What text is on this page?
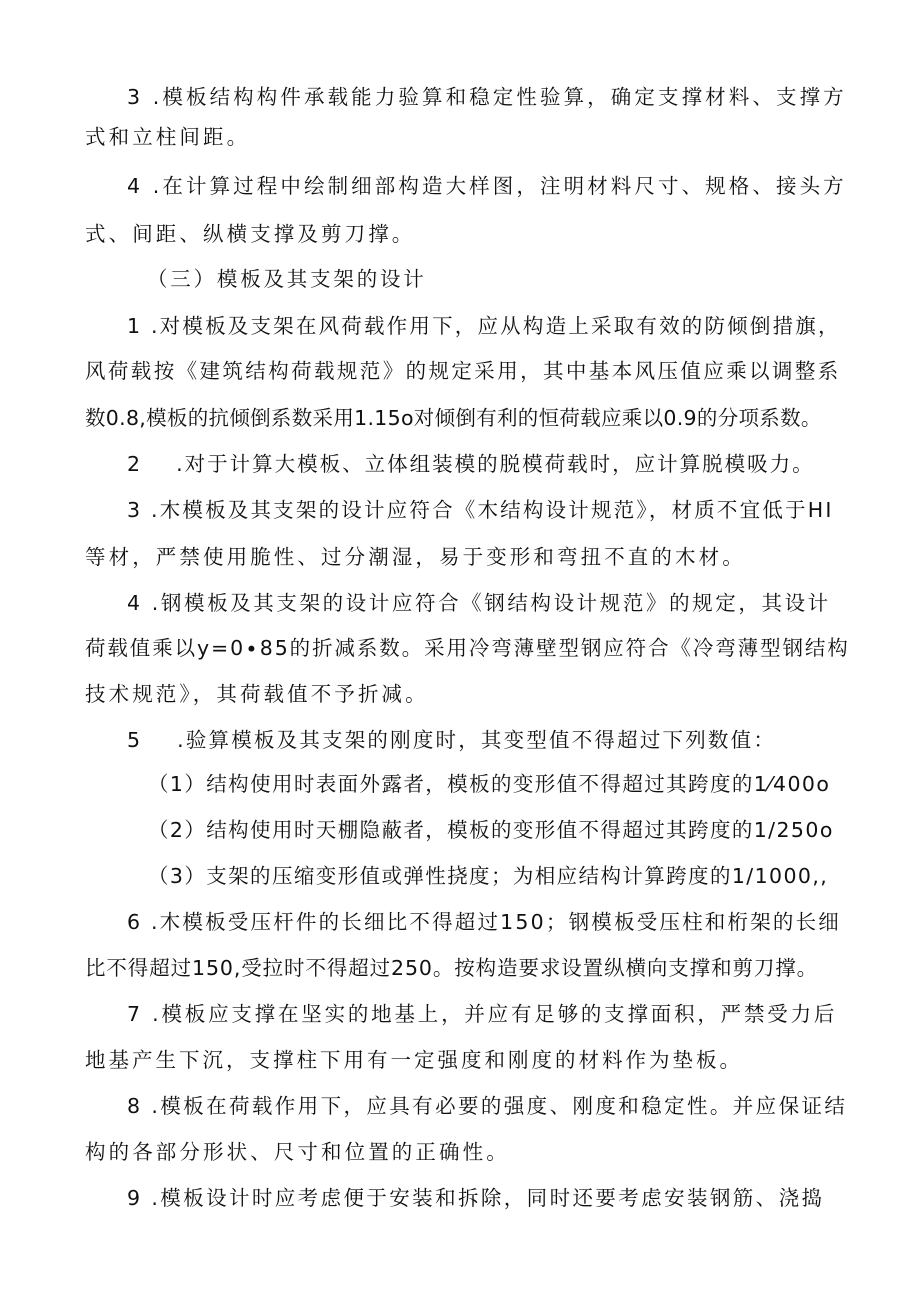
3 .模板结构构件承载能力验算和稳定性验算，确定支撑材料、支撑方
式和立柱间距。
4 .在计算过程中绘制细部构造大样图，注明材料尺寸、规格、接头方
式、间距、纵横支撑及剪刀撑。
（三）模板及其支架的设计
1 .对模板及支架在风荷载作用下，应从构造上采取有效的防倾倒措旗，
风荷载按《建筑结构荷载规范》的规定采用，其中基本风压值应乘以调整系
数0.8,模板的抗倾倒系数采用1.15o对倾倒有利的恒荷载应乘以0.9的分项系数。
2    .对于计算大模板、立体组装模的脱模荷载时，应计算脱模吸力。
3 .木模板及其支架的设计应符合《木结构设计规范》，材质不宜低于HI
等材，严禁使用脆性、过分潮湿，易于变形和弯扭不直的木材。
4 .钢模板及其支架的设计应符合《钢结构设计规范》的规定，其设计
荷载值乘以y=0∙85的折减系数。采用冷弯薄壁型钢应符合《冷弯薄型钢结构
技术规范》，其荷载值不予折减。
5    .验算模板及其支架的刚度时，其变型值不得超过下列数值：
（1）结构使用时表面外露者，模板的变形值不得超过其跨度的1⁄400o
（2）结构使用时天棚隐蔽者，模板的变形值不得超过其跨度的1/250o
（3）支架的压缩变形值或弹性挠度；为相应结构计算跨度的1/1000,,
6 .木模板受压杆件的长细比不得超过150；钢模板受压柱和桁架的长细
比不得超过150,受拉时不得超过250。按构造要求设置纵横向支撑和剪刀撑。
7 .模板应支撑在坚实的地基上，并应有足够的支撑面积，严禁受力后
地基产生下沉，支撑柱下用有一定强度和刚度的材料作为垫板。
8 .模板在荷载作用下，应具有必要的强度、刚度和稳定性。并应保证结
构的各部分形状、尺寸和位置的正确性。
9 .模板设计时应考虑便于安装和拆除，同时还要考虑安装钢筋、浇捣
